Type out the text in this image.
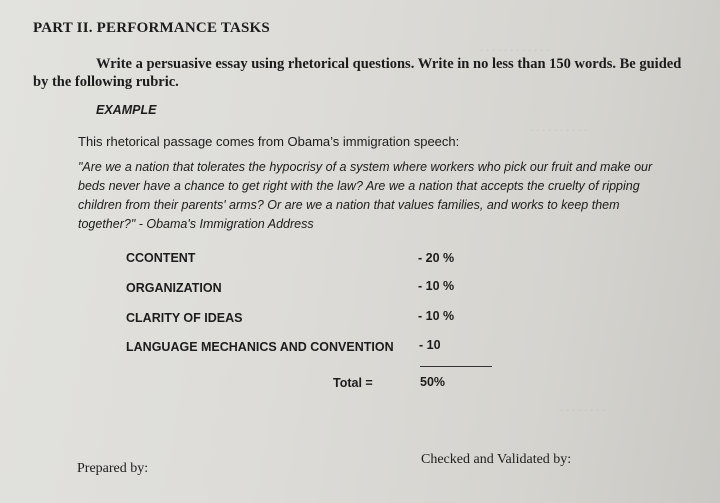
. . . . . . . . . . . .
. . . . . . . . . .
. . . . . . . .
PART II. PERFORMANCE TASKS
Write a persuasive essay using rhetorical questions. Write in no less than 150 words. Be guided
by the following rubric.
EXAMPLE
This rhetorical passage comes from Obama’s immigration speech:
"Are we a nation that tolerates the hypocrisy of a system where workers who pick our fruit and make our
beds never have a chance to get right with the law? Are we a nation that accepts the cruelty of ripping
children from their parents' arms? Or are we a nation that values families, and works to keep them
together?" - Obama's Immigration Address
CCONTENT	- 20 %
ORGANIZATION	- 10 %
CLARITY OF IDEAS	- 10 %
LANGUAGE MECHANICS AND CONVENTION - 10
Total =	50%
Prepared by:
Checked and Validated by:
